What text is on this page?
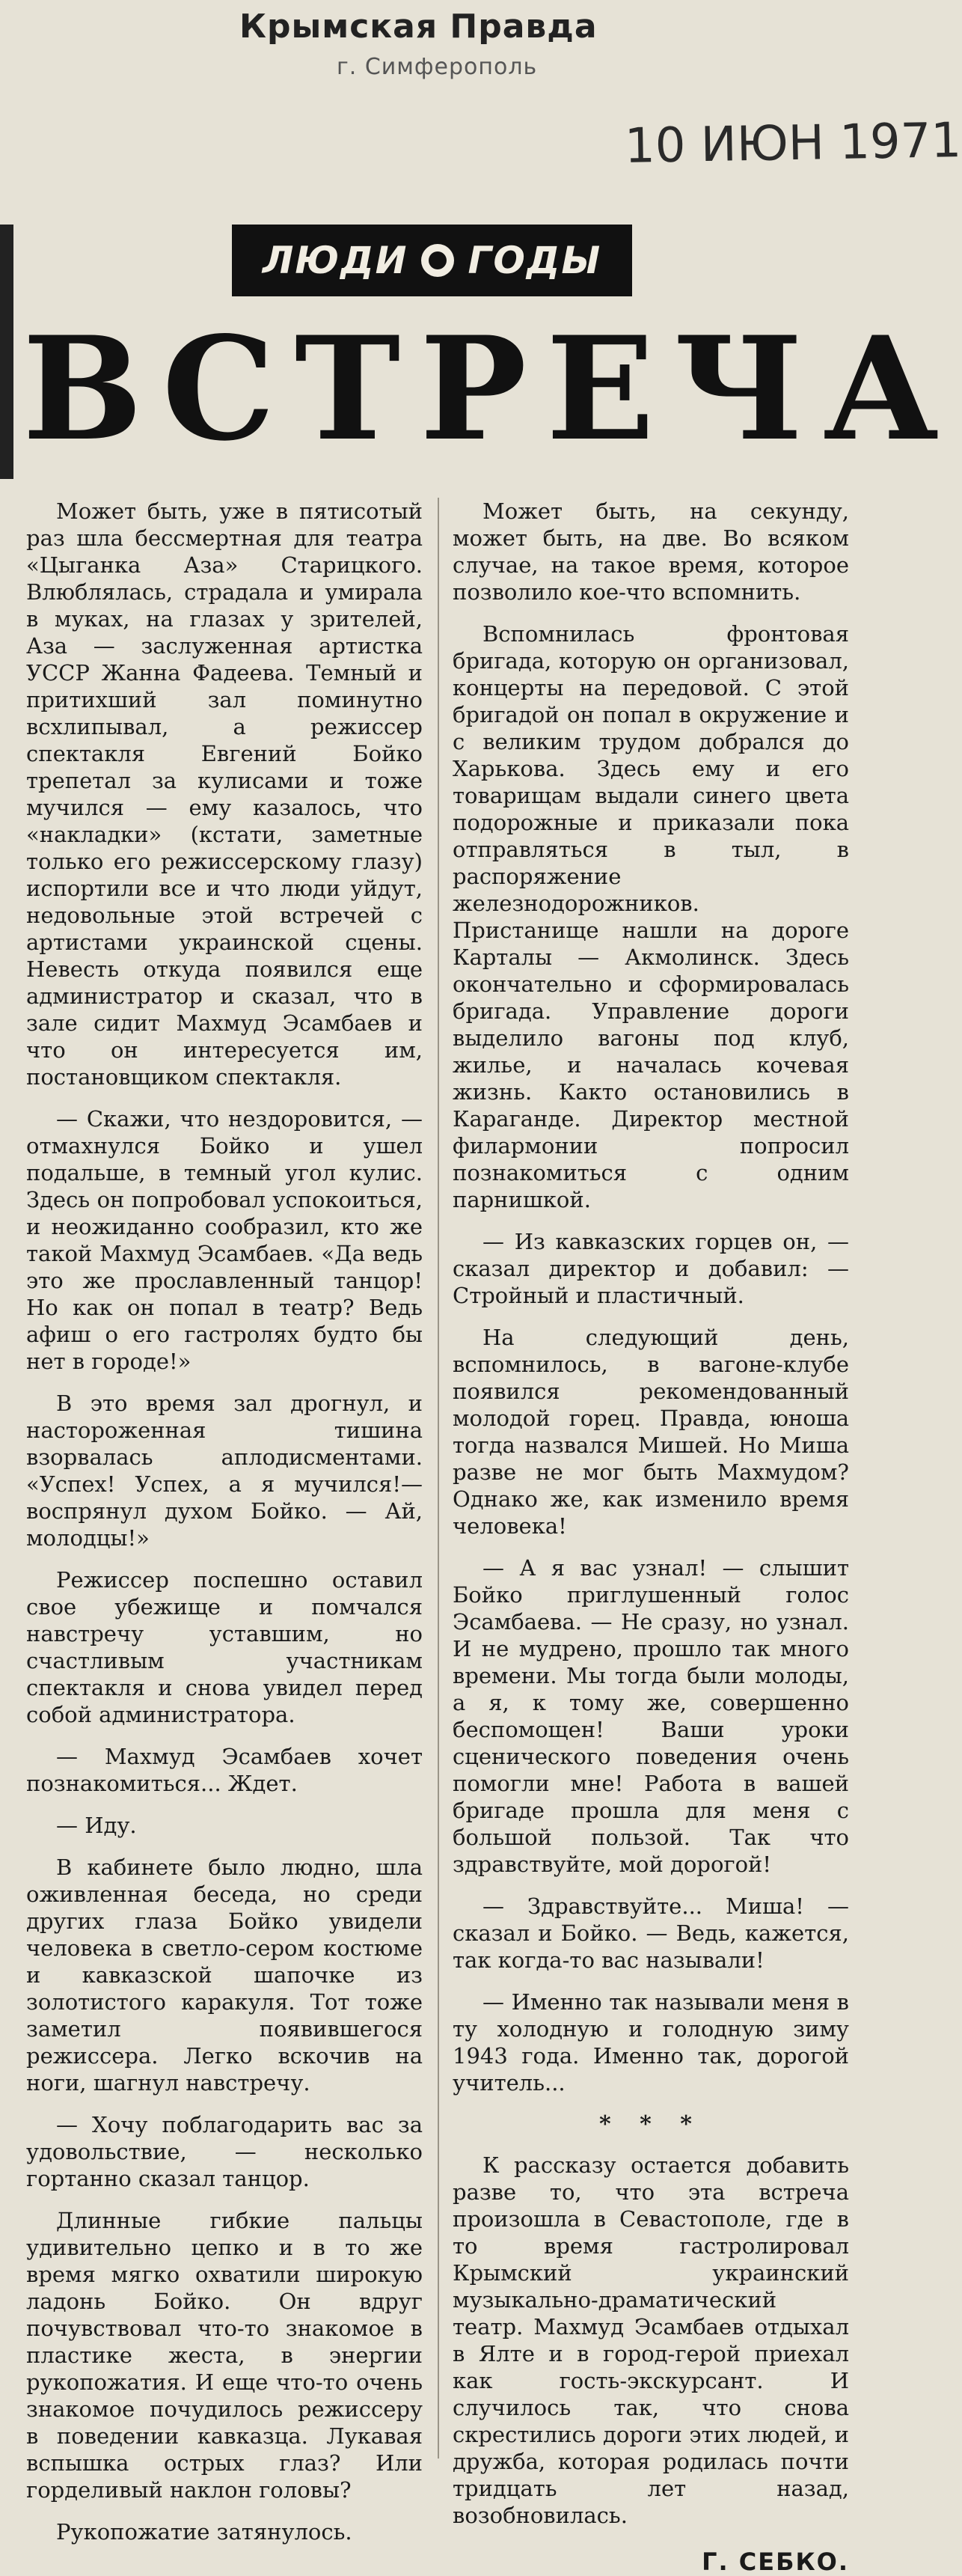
Крымская Правда
г. Симферополь
10 ИЮН 1971
ЛЮДИ ГОДЫ
ВСТРЕЧА

Может быть, уже в пятисотый раз шла бессмертная для театра «Цыганка Аза» Старицкого. Влюблялась, страдала и умирала в муках, на глазах у зрителей, Аза — заслуженная артистка УССР Жанна Фадеева. Темный и притихший зал поминутно всхлипывал, а режиссер спектакля Евгений Бойко трепетал за кулисами и тоже мучился — ему казалось, что «накладки» (кстати, заметные только его режиссерскому глазу) испортили все и что люди уйдут, недовольные этой встречей с артистами украинской сцены. Невесть откуда появился еще администратор и сказал, что в зале сидит Махмуд Эсамбаев и что он интересуется им, постановщиком спектакля.

— Скажи, что нездоровится, — отмахнулся Бойко и ушел подальше, в темный угол кулис. Здесь он попробовал успокоиться, и неожиданно сообразил, кто же такой Махмуд Эсамбаев. «Да ведь это же прославленный танцор! Но как он попал в театр? Ведь афиш о его гастролях будто бы нет в городе!»

В это время зал дрогнул, и настороженная тишина взорвалась аплодисментами. «Успех! Успех, а я мучился!—воспрянул духом Бойко. — Ай, молодцы!»

Режиссер поспешно оставил свое убежище и помчался навстречу уставшим, но счастливым участникам спектакля и снова увидел перед собой администратора.

— Махмуд Эсамбаев хочет познакомиться... Ждет.

— Иду.

В кабинете было людно, шла оживленная беседа, но среди других глаза Бойко увидели человека в светло-сером костюме и кавказской шапочке из золотистого каракуля. Тот тоже заметил появившегося режиссера. Легко вскочив на ноги, шагнул навстречу.

— Хочу поблагодарить вас за удовольствие, — несколько гортанно сказал танцор.

Длинные гибкие пальцы удивительно цепко и в то же время мягко охватили широкую ладонь Бойко. Он вдруг почувствовал что-то знакомое в пластике жеста, в энергии рукопожатия. И еще что-то очень знакомое почудилось режиссеру в поведении кавказца. Лукавая вспышка острых глаз? Или горделивый наклон головы?

Рукопожатие затянулось.

Может быть, на секунду, может быть, на две. Во всяком случае, на такое время, которое позволило кое-что вспомнить.

Вспомнилась фронтовая бригада, которую он организовал, концерты на передовой. С этой бригадой он попал в окружение и с великим трудом добрался до Харькова. Здесь ему и его товарищам выдали синего цвета подорожные и приказали пока отправляться в тыл, в распоряжение железнодорожников. Пристанище нашли на дороге Карталы — Акмолинск. Здесь окончательно и сформировалась бригада. Управление дороги выделило вагоны под клуб, жилье, и началась кочевая жизнь. Както остановились в Караганде. Директор местной филармонии попросил познакомиться с одним парнишкой.

— Из кавказских горцев он, — сказал директор и добавил: — Стройный и пластичный.

На следующий день, вспомнилось, в вагоне-клубе появился рекомендованный молодой горец. Правда, юноша тогда назвался Мишей. Но Миша разве не мог быть Махмудом? Однако же, как изменило время человека!

— А я вас узнал! — слышит Бойко приглушенный голос Эсамбаева. — Не сразу, но узнал. И не мудрено, прошло так много времени. Мы тогда были молоды, а я, к тому же, совершенно беспомощен! Ваши уроки сценического поведения очень помогли мне! Работа в вашей бригаде прошла для меня с большой пользой. Так что здравствуйте, мой дорогой!

— Здравствуйте... Миша! — сказал и Бойко. — Ведь, кажется, так когда-то вас называли!

— Именно так называли меня в ту холодную и голодную зиму 1943 года. Именно так, дорогой учитель...

* * *

К рассказу остается добавить разве то, что эта встреча произошла в Севастополе, где в то время гастролировал Крымский украинский музыкально-драматический театр. Махмуд Эсамбаев отдыхал в Ялте и в город-герой приехал как гость-экскурсант. И случилось так, что снова скрестились дороги этих людей, и дружба, которая родилась почти тридцать лет назад, возобновилась.

Г. СЕБКО.
